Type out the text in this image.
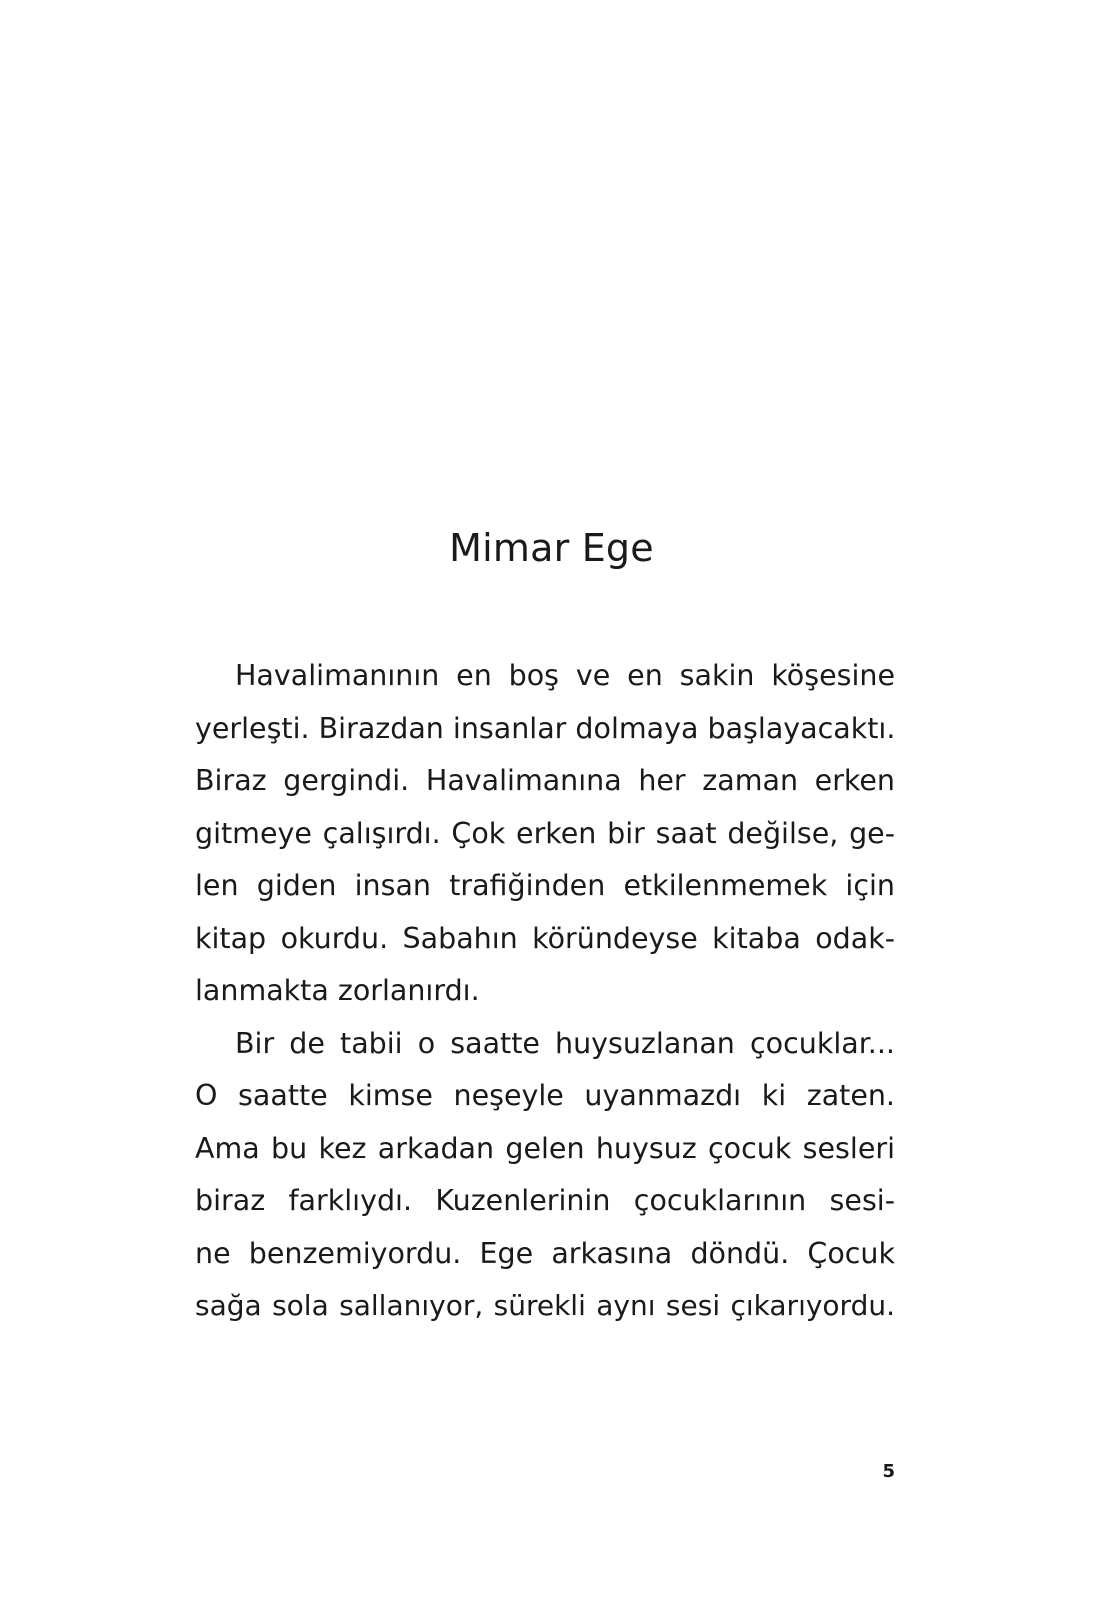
Mimar Ege
Havalimanının en boş ve en sakin köşesine
yerleşti. Birazdan insanlar dolmaya başlayacaktı.
Biraz gergindi. Havalimanına her zaman erken
gitmeye çalışırdı. Çok erken bir saat değilse, ge-
len giden insan trafiğinden etkilenmemek için
kitap okurdu. Sabahın köründeyse kitaba odak-
lanmakta zorlanırdı.
Bir de tabii o saatte huysuzlanan çocuklar...
O saatte kimse neşeyle uyanmazdı ki zaten.
Ama bu kez arkadan gelen huysuz çocuk sesleri
biraz farklıydı. Kuzenlerinin çocuklarının sesi-
ne benzemiyordu. Ege arkasına döndü. Çocuk
sağa sola sallanıyor, sürekli aynı sesi çıkarıyordu.
5
